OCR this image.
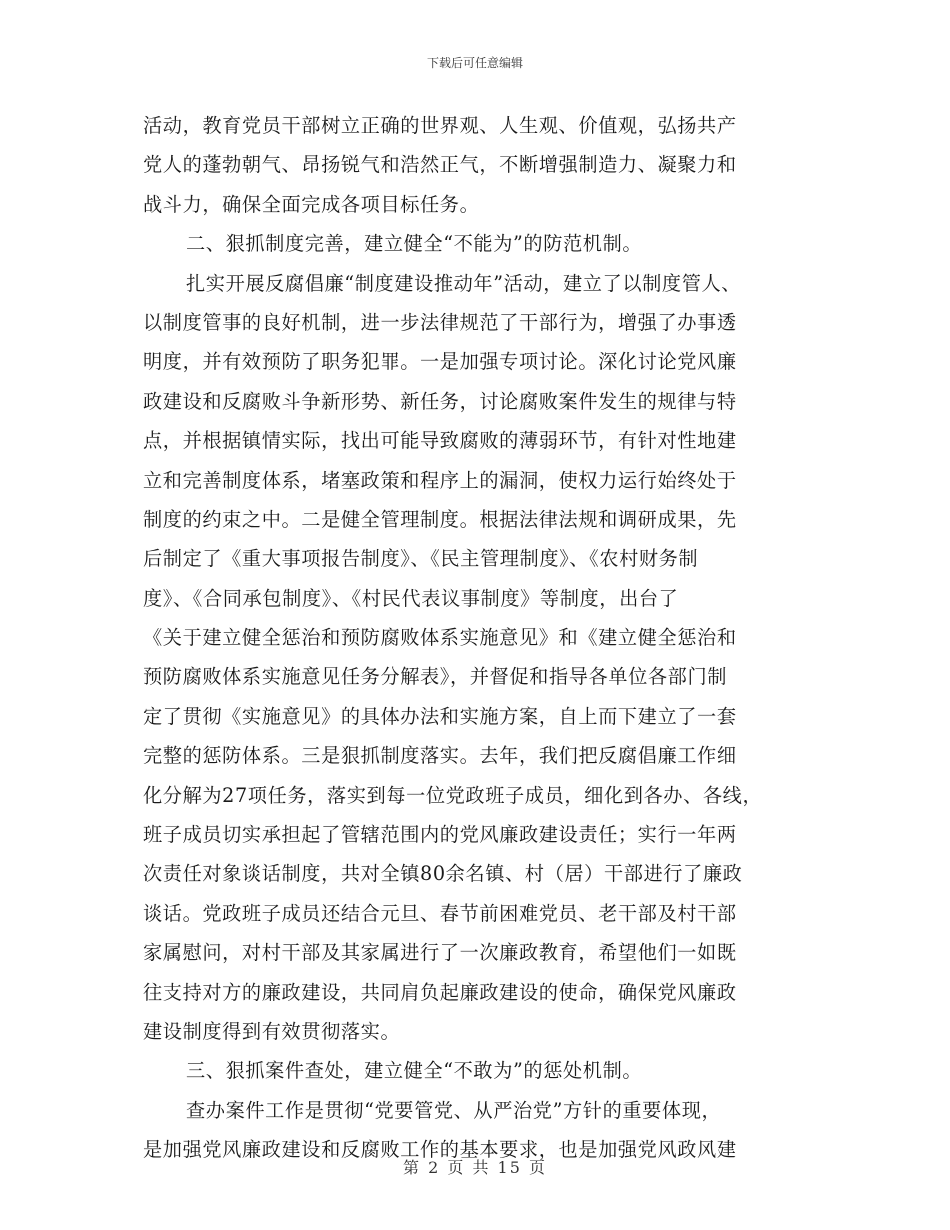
下载后可任意编辑
活动，教育党员干部树立正确的世界观、人生观、价值观，弘扬共产
党人的蓬勃朝气、昂扬锐气和浩然正气，不断增强制造力、凝聚力和
战斗力，确保全面完成各项目标任务。
二、狠抓制度完善，建立健全“不能为”的防范机制。
扎实开展反腐倡廉“制度建设推动年”活动，建立了以制度管人、
以制度管事的良好机制，进一步法律规范了干部行为，增强了办事透
明度，并有效预防了职务犯罪。一是加强专项讨论。深化讨论党风廉
政建设和反腐败斗争新形势、新任务，讨论腐败案件发生的规律与特
点，并根据镇情实际，找出可能导致腐败的薄弱环节，有针对性地建
立和完善制度体系，堵塞政策和程序上的漏洞，使权力运行始终处于
制度的约束之中。二是健全管理制度。根据法律法规和调研成果，先
后制定了《重大事项报告制度》、《民主管理制度》、《农村财务制
度》、《合同承包制度》、《村民代表议事制度》等制度，出台了
《关于建立健全惩治和预防腐败体系实施意见》和《建立健全惩治和
预防腐败体系实施意见任务分解表》，并督促和指导各单位各部门制
定了贯彻《实施意见》的具体办法和实施方案，自上而下建立了一套
完整的惩防体系。三是狠抓制度落实。去年，我们把反腐倡廉工作细
化分解为27项任务，落实到每一位党政班子成员，细化到各办、各线，
班子成员切实承担起了管辖范围内的党风廉政建设责任；实行一年两
次责任对象谈话制度，共对全镇80余名镇、村（居）干部进行了廉政
谈话。党政班子成员还结合元旦、春节前困难党员、老干部及村干部
家属慰问，对村干部及其家属进行了一次廉政教育，希望他们一如既
往支持对方的廉政建设，共同肩负起廉政建设的使命，确保党风廉政
建设制度得到有效贯彻落实。
三、狠抓案件查处，建立健全“不敢为”的惩处机制。
查办案件工作是贯彻“党要管党、从严治党”方针的重要体现，
是加强党风廉政建设和反腐败工作的基本要求，也是加强党风政风建
第 2 页 共 15 页
